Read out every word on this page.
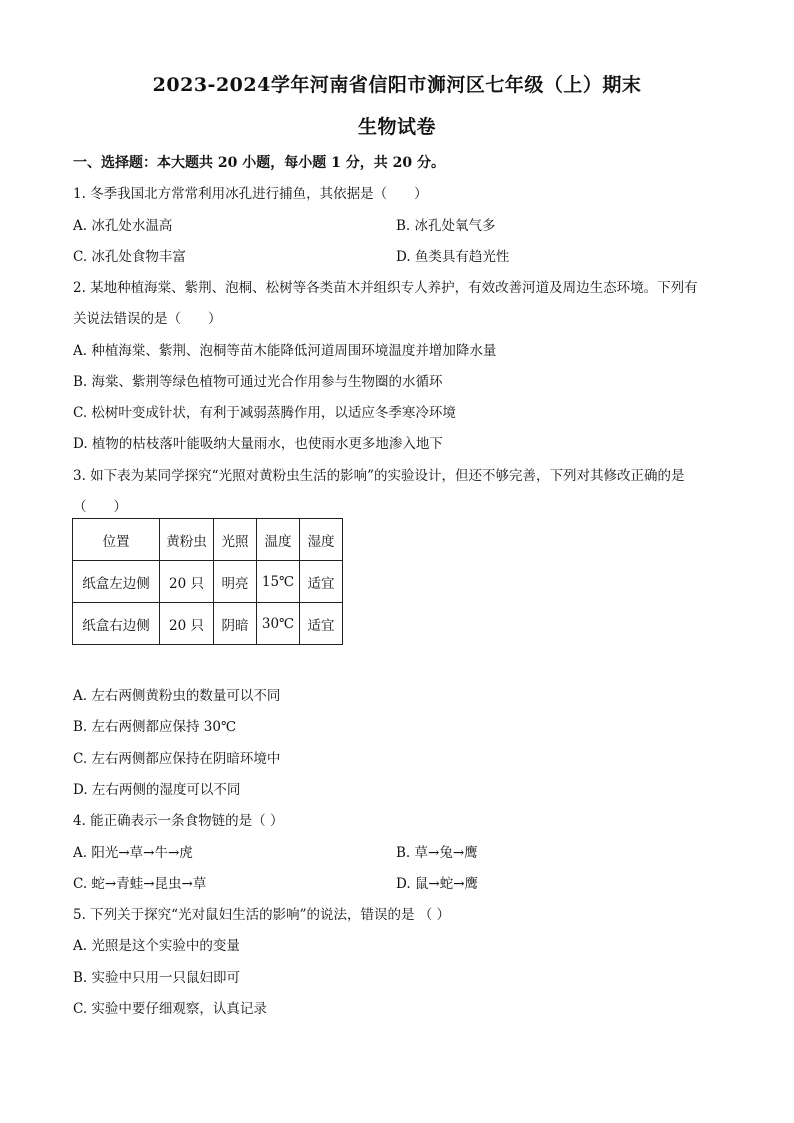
2023-2024学年河南省信阳市浉河区七年级（上）期末
生物试卷
一、选择题：本大题共 20 小题，每小题 1 分，共 20 分。
1. 冬季我国北方常常利用冰孔进行捕鱼，其依据是（　　）
A. 冰孔处水温高	B. 冰孔处氧气多
C. 冰孔处食物丰富	D. 鱼类具有趋光性
2. 某地种植海棠、紫荆、泡桐、松树等各类苗木并组织专人养护，有效改善河道及周边生态环境。下列有
关说法错误的是（　　）
A. 种植海棠、紫荆、泡桐等苗木能降低河道周围环境温度并增加降水量
B. 海棠、紫荆等绿色植物可通过光合作用参与生物圈的水循环
C. 松树叶变成针状，有利于减弱蒸腾作用，以适应冬季寒冷环境
D. 植物的枯枝落叶能吸纳大量雨水，也使雨水更多地渗入地下
3. 如下表为某同学探究“光照对黄粉虫生活的影响”的实验设计，但还不够完善，下列对其修改正确的是
（　　）
位置	黄粉虫	光照	温度	湿度
纸盒左边侧	20 只	明亮	15℃	适宜
纸盒右边侧	20 只	阴暗	30℃	适宜
A. 左右两侧黄粉虫的数量可以不同
B. 左右两侧都应保持 30℃
C. 左右两侧都应保持在阴暗环境中
D. 左右两侧的湿度可以不同
4. 能正确表示一条食物链的是（ ）
A. 阳光→草→牛→虎	B. 草→兔→鹰
C. 蛇→青蛙→昆虫→草	D. 鼠→蛇→鹰
5. 下列关于探究“光对鼠妇生活的影响”的说法，错误的是 （ ）
A. 光照是这个实验中的变量
B. 实验中只用一只鼠妇即可
C. 实验中要仔细观察，认真记录
